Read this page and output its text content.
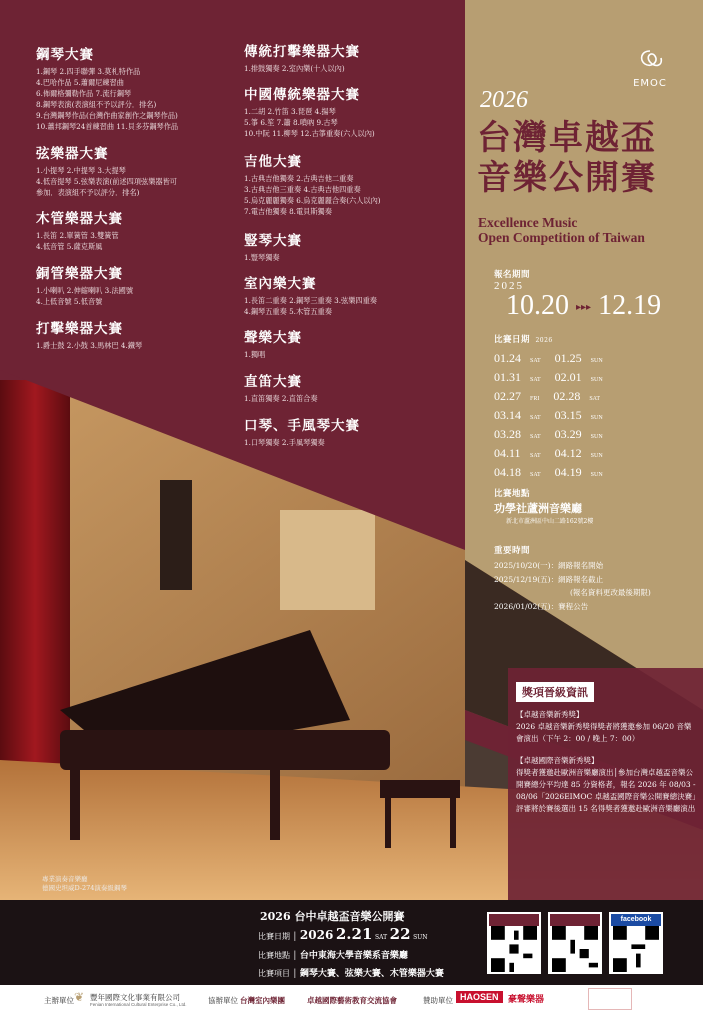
鋼琴大賽
1.鋼琴 2.四手聯彈 3.莫札特作品
4.巴哈作品 5.蕭爾尼練習曲
6.佈爾格彌勒作品 7.流行鋼琴
8.鋼琴表演(表演組不予以評分．排名)
9.台灣鋼琴作品(台灣作曲家創作之鋼琴作品)
10.蕭邦鋼琴24首練習曲 11.貝多芬鋼琴作品
弦樂器大賽
1.小提琴 2.中提琴 3.大提琴
4.低音提琴 5.弦樂表演(前述四項弦樂器皆可
參加．表演組不予以評分．排名)
木管樂器大賽
1.長笛 2.單簧管 3.雙簧管
4.低音管 5.薩克斯風
銅管樂器大賽
1.小喇叭 2.伸縮喇叭 3.法國號
4.上低音號 5.低音號
打擊樂器大賽
1.爵士鼓 2.小鼓 3.馬林巴 4.鐵琴
傳統打擊樂器大賽
1.排鼓獨奏 2.室內樂(十人以內)
中國傳統樂器大賽
1.二胡 2.竹笛 3.琵琶 4.揚琴
5.箏 6.笙 7.簫 8.嗩吶 9.古琴
10.中阮 11.柳琴 12.古箏重奏(六人以內)
吉他大賽
1.古典吉他獨奏 2.古典吉他二重奏
3.古典吉他三重奏 4.古典吉他四重奏
5.烏克麗麗獨奏 6.烏克麗麗合奏(六人以內)
7.電吉他獨奏 8.電貝斯獨奏
豎琴大賽
1.豎琴獨奏
室內樂大賽
1.長笛二重奏 2.鋼琴三重奏 3.弦樂四重奏
4.鋼琴五重奏 5.木管五重奏
聲樂大賽
1.獨唱
直笛大賽
1.直笛獨奏 2.直笛合奏
口琴、手風琴大賽
1.口琴獨奏 2.手風琴獨奏
EMOC
2026
台灣卓越盃
音樂公開賽
Excellence Music
Open Competition of Taiwan
報名期間
2025
10.20 ▸▸▸ 12.19
比賽日期 2026
01.24 SAT 01.25 SUN
01.31 SAT 02.01 SUN
02.27 FRI 02.28 SAT
03.14 SAT 03.15 SUN
03.28 SAT 03.29 SUN
04.11 SAT 04.12 SUN
04.18 SAT 04.19 SUN
比賽地點
功學社蘆洲音樂廳
新北市蘆洲區中山二路162號2樓
重要時間
2025/10/20(一)：網路報名開始
2025/12/19(五)：網路報名截止
(報名資料更改最後期限)
2026/01/02(五)：賽程公告
獎項晉級資訊
【卓越音樂新秀獎】
2026 卓越音樂新秀獎得獎者將獲邀參加 06/20 音樂會演出（下午 2：00 / 晚上 7：00）
【卓越國際音樂新秀獎】
得獎者獲邀赴歐洲音樂廳演出│參加台灣卓越盃音樂公開賽總分平均達 85 分資格者，報名 2026 年 08/03 - 08/06「2026EIMOC 卓越盃國際音樂公開賽總決賽」評審將於賽後選出 15 名得獎者獲邀赴歐洲音樂廳演出
專業演奏音樂廳
德國史坦威D-274演奏級鋼琴
2026 台中卓越盃音樂公開賽
比賽日期 │ 2026 2.21 SAT 22 SUN
比賽地點 │ 台中東海大學音樂系音樂廳
比賽項目 │ 鋼琴大賽、弦樂大賽、木管樂器大賽
facebook
主辦單位 ❦ 豐年國際文化事業有限公司
Fenian International Cultural Enterprise Co., Ltd.	協辦單位 台灣室內樂團	卓越國際藝術教育交流協會	贊助單位 HAOSEN	豪聲樂器
